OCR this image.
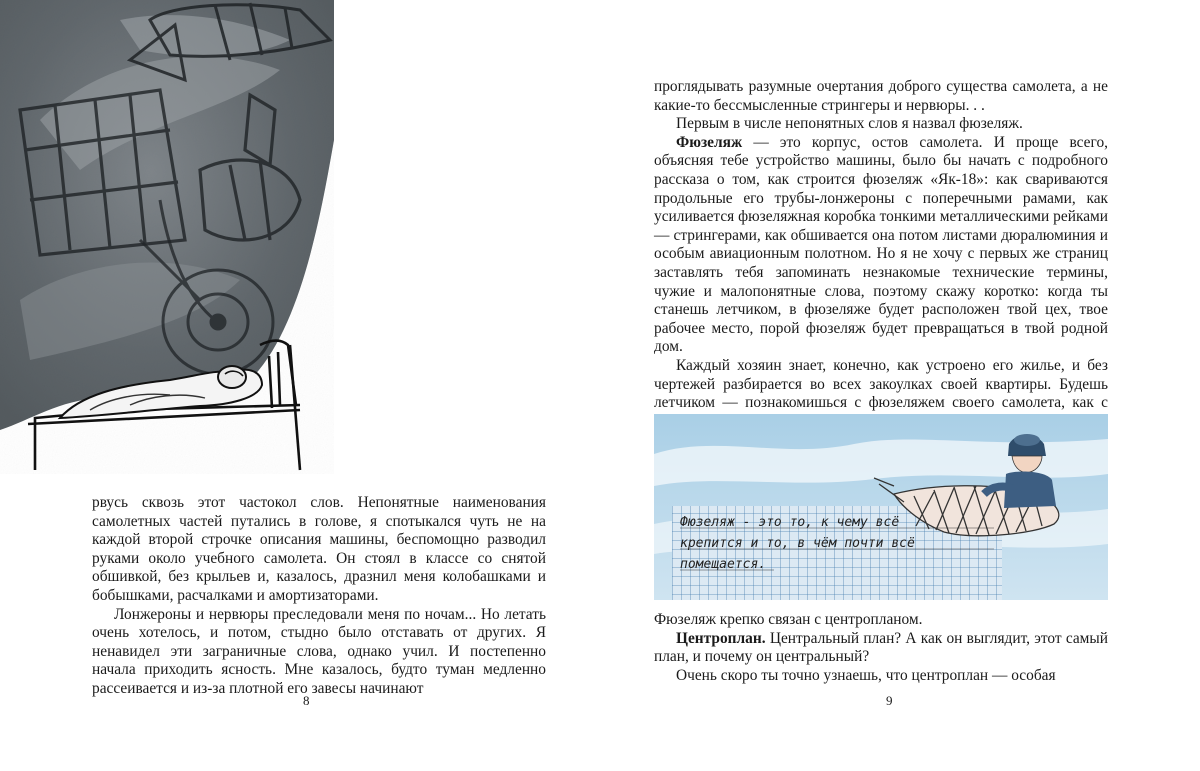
рвусь сквозь этот частокол слов. Непонятные наименования самолетных частей путались в голове, я спотыкался чуть не на каждой второй строчке описания машины, беспомощно разводил руками около учебного самолета. Он стоял в классе со снятой обшивкой, без крыльев и, казалось, дразнил меня колобашками и бобышками, расчалками и амортизаторами.

Лонжероны и нервюры преследовали меня по ночам... Но летать очень хотелось, и потом, стыдно было отставать от других. Я ненавидел эти заграничные слова, однако учил. И постепенно начала приходить ясность. Мне казалось, будто туман медленно рассеивается и из-за плотной его завесы начинают

8	9

проглядывать разумные очертания доброго существа самолета, а не какие-то бессмысленные стрингеры и нервюры. . .

Первым в числе непонятных слов я назвал фюзеляж.

Фюзеляж — это корпус, остов самолета. И проще всего, объясняя тебе устройство машины, было бы начать с подробного рассказа о том, как строится фюзеляж «Як-18»: как свариваются продольные его трубы-лонжероны с поперечными рамами, как усиливается фюзеляжная коробка тонкими металлическими рейками — стрингерами, как обшивается она потом листами дюралюминия и особым авиационным полотном. Но я не хочу с первых же страниц заставлять тебя запоминать незнакомые технические термины, чужие и малопонятные слова, поэтому скажу коротко: когда ты станешь летчиком, в фюзеляже будет расположен твой цех, твое рабочее место, порой фюзеляж будет превращаться в твой родной дом.

Каждый хозяин знает, конечно, как устроено его жилье, и без чертежей разбирается во всех закоулках своей квартиры. Будешь летчиком — познакомишься с фюзеляжем своего самолета, как с

Фюзеляж - это то, к чему всё
крепится и то, в чём почти всё
помещается.

Фюзеляж крепко связан с центропланом.

Центроплан. Центральный план? А как он выглядит, этот самый план, и почему он центральный?

Очень скоро ты точно узнаешь, что центроплан — особая
